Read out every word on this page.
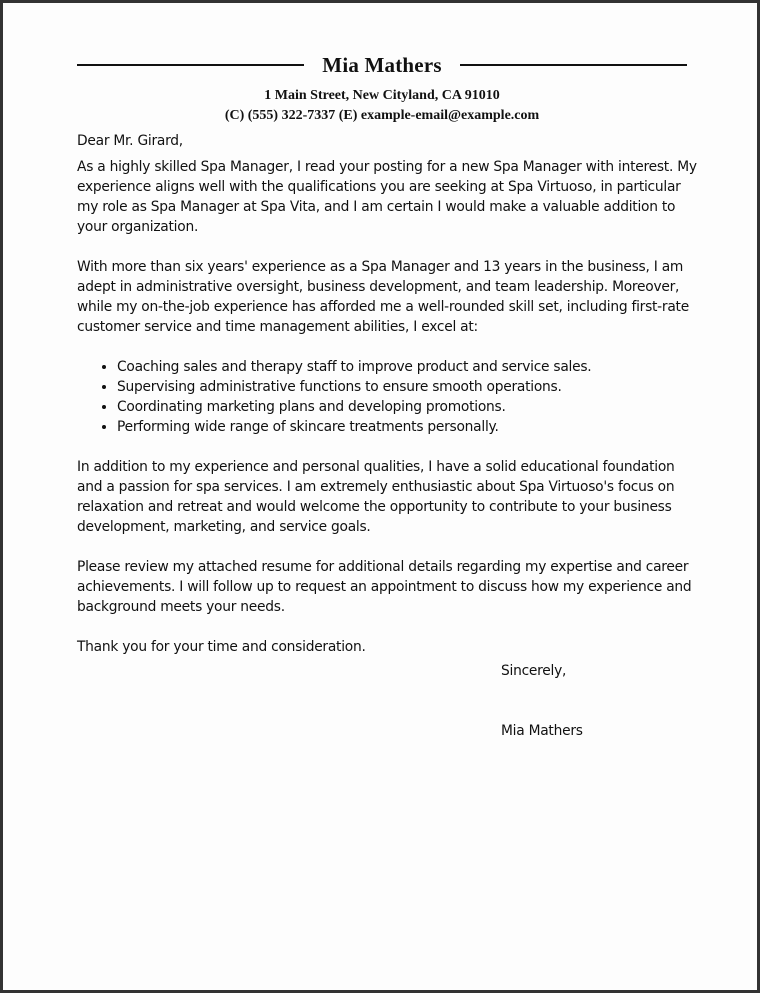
Mia Mathers
1 Main Street, New Cityland, CA 91010
(C) (555) 322-7337 (E) example-email@example.com

Dear Mr. Girard,

As a highly skilled Spa Manager, I read your posting for a new Spa Manager with interest. My experience aligns well with the qualifications you are seeking at Spa Virtuoso, in particular my role as Spa Manager at Spa Vita, and I am certain I would make a valuable addition to your organization.

With more than six years' experience as a Spa Manager and 13 years in the business, I am adept in administrative oversight, business development, and team leadership. Moreover, while my on-the-job experience has afforded me a well-rounded skill set, including first-rate customer service and time management abilities, I excel at:

• Coaching sales and therapy staff to improve product and service sales.
• Supervising administrative functions to ensure smooth operations.
• Coordinating marketing plans and developing promotions.
• Performing wide range of skincare treatments personally.

In addition to my experience and personal qualities, I have a solid educational foundation and a passion for spa services. I am extremely enthusiastic about Spa Virtuoso's focus on relaxation and retreat and would welcome the opportunity to contribute to your business development, marketing, and service goals.

Please review my attached resume for additional details regarding my expertise and career achievements. I will follow up to request an appointment to discuss how my experience and background meets your needs.

Thank you for your time and consideration.

Sincerely,
Mia Mathers
